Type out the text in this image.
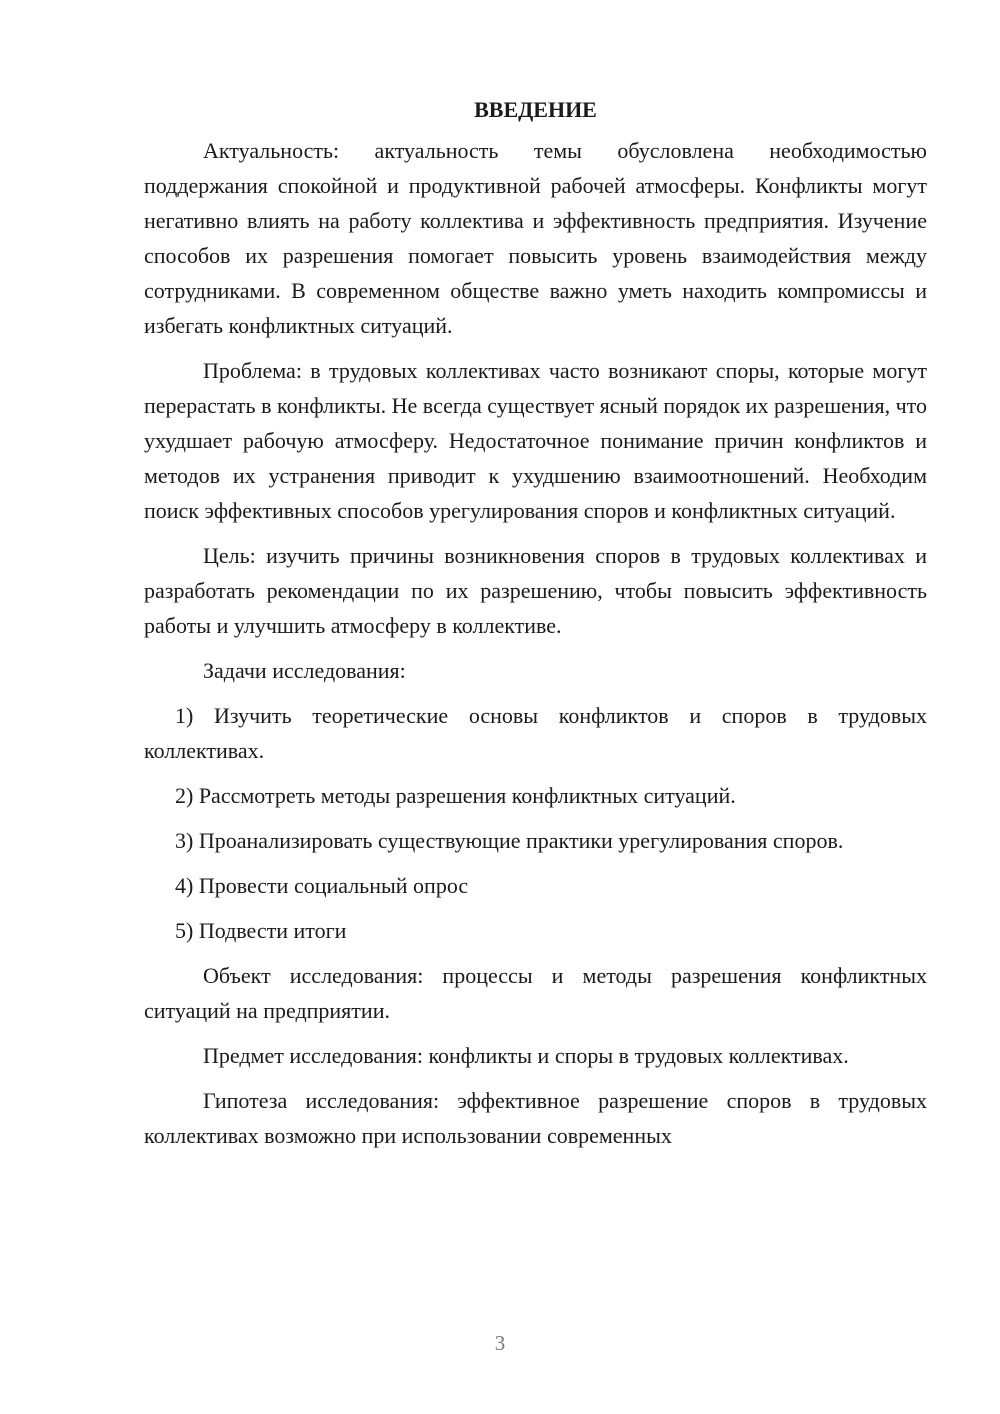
ВВЕДЕНИЕ

Актуальность: актуальность темы обусловлена необходимостью поддержания спокойной и продуктивной рабочей атмосферы. Конфликты могут негативно влиять на работу коллектива и эффективность предприятия. Изучение способов их разрешения помогает повысить уровень взаимодействия между сотрудниками. В современном обществе важно уметь находить компромиссы и избегать конфликтных ситуаций.

Проблема: в трудовых коллективах часто возникают споры, которые могут перерастать в конфликты. Не всегда существует ясный порядок их разрешения, что ухудшает рабочую атмосферу. Недостаточное понимание причин конфликтов и методов их устранения приводит к ухудшению взаимоотношений. Необходим поиск эффективных способов урегулирования споров и конфликтных ситуаций.

Цель: изучить причины возникновения споров в трудовых коллективах и разработать рекомендации по их разрешению, чтобы повысить эффективность работы и улучшить атмосферу в коллективе.

Задачи исследования:

1) Изучить теоретические основы конфликтов и споров в трудовых коллективах.

2) Рассмотреть методы разрешения конфликтных ситуаций.

3) Проанализировать существующие практики урегулирования споров.

4) Провести социальный опрос

5) Подвести итоги

Объект исследования: процессы и методы разрешения конфликтных ситуаций на предприятии.

Предмет исследования: конфликты и споры в трудовых коллективах.

Гипотеза исследования: эффективное разрешение споров в трудовых коллективах возможно при использовании современных

3
